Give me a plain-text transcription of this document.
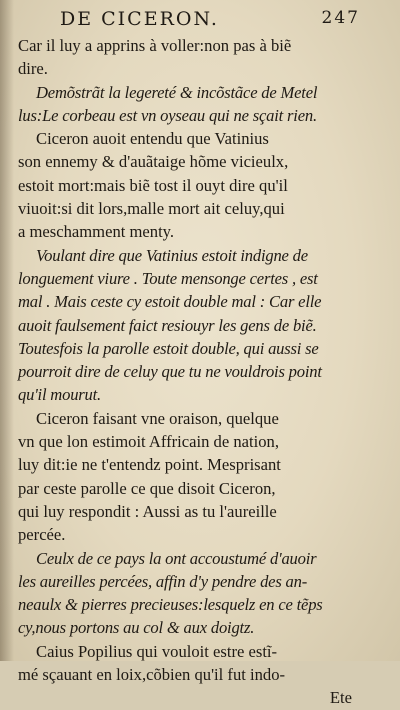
DE CICERON.	247
Car il luy a apprins à voller:non pas à biẽ
dire.
Demõstrãt la legereté & incõstãce de Metel
lus:Le corbeau est vn oyseau qui ne sçait rien.
Ciceron auoit entendu que Vatinius
son ennemy & d'auãtaige hõme vicieulx,
estoit mort:mais biẽ tost il ouyt dire qu'il
viuoit:si dit lors,malle mort ait celuy,qui
a meschamment menty.
Voulant dire que Vatinius estoit indigne de
longuement viure . Toute mensonge certes , est
mal . Mais ceste cy estoit double mal : Car elle
auoit faulsement faict resiouyr les gens de biẽ.
Toutesfois la parolle estoit double, qui aussi se
pourroit dire de celuy que tu ne vouldrois point
qu'il mourut.
Ciceron faisant vne oraison, quelque
vn que lon estimoit Affricain de nation,
luy dit:ie ne t'entendz point. Mesprisant
par ceste parolle ce que disoit Ciceron,
qui luy respondit : Aussi as tu l'aureille
percée.
Ceulx de ce pays la ont accoustumé d'auoir
les aureilles percées, affin d'y pendre des an-
neaulx & pierres precieuses:lesquelz en ce tẽps
cy,nous portons au col & aux doigtz.
Caius Popilius qui vouloit estre estĩ-
mé sçauant en loix,cõbien qu'il fut indo-
Ete
